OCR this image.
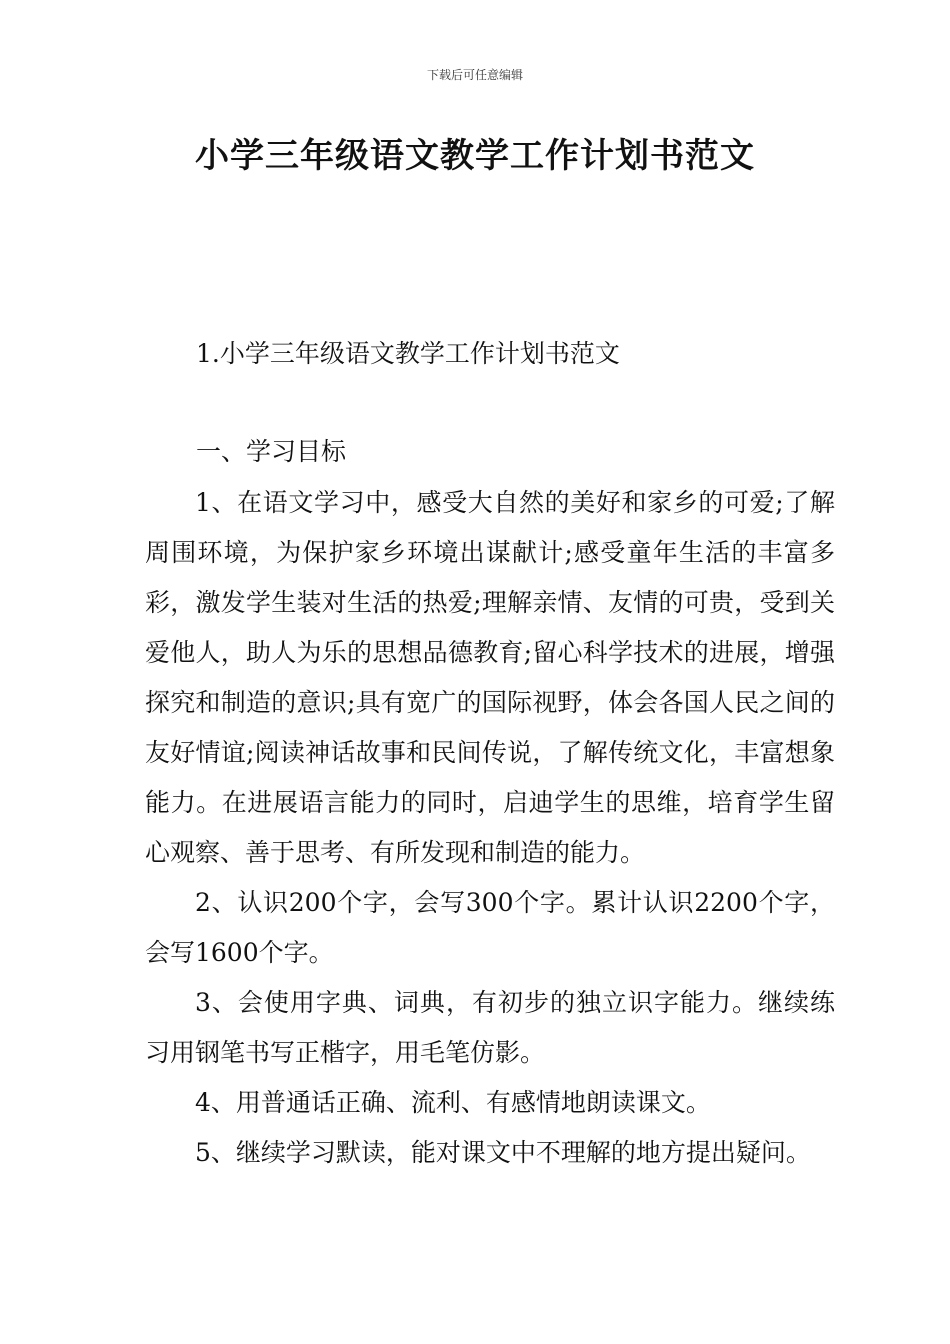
下载后可任意编辑
小学三年级语文教学工作计划书范文

1.小学三年级语文教学工作计划书范文

一、学习目标

1、在语文学习中，感受大自然的美好和家乡的可爱;了解周围环境，为保护家乡环境出谋献计;感受童年生活的丰富多彩，激发学生装对生活的热爱;理解亲情、友情的可贵，受到关爱他人，助人为乐的思想品德教育;留心科学技术的进展，增强探究和制造的意识;具有宽广的国际视野，体会各国人民之间的友好情谊;阅读神话故事和民间传说，了解传统文化，丰富想象能力。在进展语言能力的同时，启迪学生的思维，培育学生留心观察、善于思考、有所发现和制造的能力。

2、认识200个字，会写300个字。累计认识2200个字，会写1600个字。

3、会使用字典、词典，有初步的独立识字能力。继续练习用钢笔书写正楷字，用毛笔仿影。

4、用普通话正确、流利、有感情地朗读课文。

5、继续学习默读，能对课文中不理解的地方提出疑问。
